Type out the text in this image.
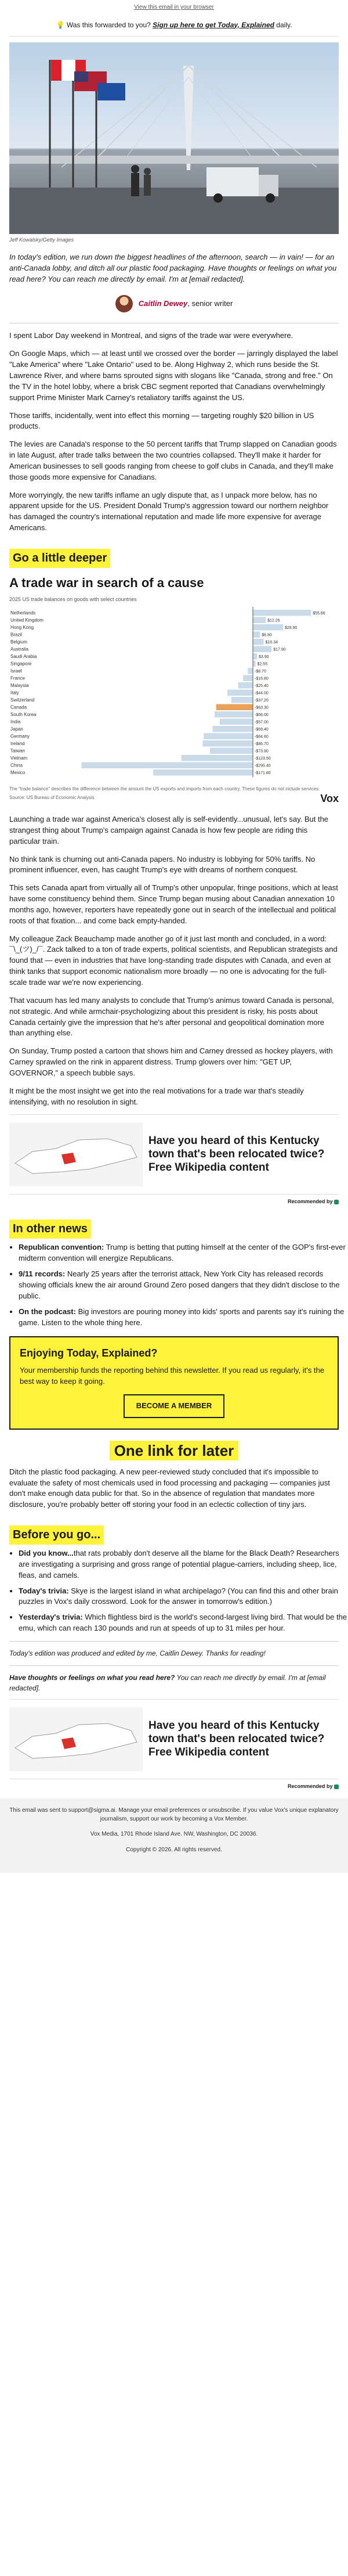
View this email in your browser
💡 Was this forwarded to you? Sign up here to get Today, Explained daily.
Jeff Kowalsky/Getty Images
In today's edition, we run down the biggest headlines of the afternoon, search — in vain! — for an anti-Canada lobby, and ditch all our plastic food packaging. Have thoughts or feelings on what you read here? You can reach me directly by email. I'm at [email redacted].
Caitlin Dewey, senior writer

I spent Labor Day weekend in Montreal, and signs of the trade war were everywhere.

On Google Maps, which — at least until we crossed over the border — jarringly displayed the label "Lake America" where "Lake Ontario" used to be. Along Highway 2, which runs beside the St. Lawrence River, and where barns sprouted signs with slogans like "Canada, strong and free." On the TV in the hotel lobby, where a brisk CBC segment reported that Canadians overwhelmingly support Prime Minister Mark Carney's retaliatory tariffs against the US.

Those tariffs, incidentally, went into effect this morning — targeting roughly $20 billion in US products.

The levies are Canada's response to the 50 percent tariffs that Trump slapped on Canadian goods in late August, after trade talks between the two countries collapsed. They'll make it harder for American businesses to sell goods ranging from cheese to golf clubs in Canada, and they'll make those goods more expensive for Canadians.

More worryingly, the new tariffs inflame an ugly dispute that, as I unpack more below, has no apparent upside for the US. President Donald Trump's aggression toward our northern neighbor has damaged the country's international reputation and made life more expensive for average Americans.

Go a little deeper
A trade war in search of a cause
2025 US trade balances on goods with select countries
Netherlands	$55.66
United Kingdom	$12.26
Hong Kong	$28.90
Brazil	$6.80
Belgium	$10.34
Australia	$17.90
Saudi Arabia	$3.90
Singapore	$2.55
Israel	-$8.70
France	-$16.80
Malaysia	-$25.40
Italy	-$44.00
Switzerland	-$37.20
Canada	-$63.30
South Korea	-$66.00
India	-$57.00
Japan	-$69.40
Germany	-$84.80
Ireland	-$86.70
Taiwan	-$73.90
Vietnam	-$123.50
China	-$295.40
Mexico	-$171.80
The "trade balance" describes the difference between the amount the US exports and imports from each country. These figures do not include services.
Source: US Bureau of Economic Analysis	Vox

Launching a trade war against America's closest ally is self-evidently...unusual, let's say. But the strangest thing about Trump's campaign against Canada is how few people are riding this particular train.

No think tank is churning out anti-Canada papers. No industry is lobbying for 50% tariffs. No prominent influencer, even, has caught Trump's eye with dreams of northern conquest.

This sets Canada apart from virtually all of Trump's other unpopular, fringe positions, which at least have some constituency behind them. Since Trump began musing about Canadian annexation 10 months ago, however, reporters have repeatedly gone out in search of the intellectual and political roots of that fixation... and come back empty-handed.

My colleague Zack Beauchamp made another go of it just last month and concluded, in a word: ¯\_(ツ)_/¯. Zack talked to a ton of trade experts, political scientists, and Republican strategists and found that — even in industries that have long-standing trade disputes with Canada, and even at think tanks that support economic nationalism more broadly — no one is advocating for the full-scale trade war we're now experiencing.

That vacuum has led many analysts to conclude that Trump's animus toward Canada is personal, not strategic. And while armchair-psychologizing about this president is risky, his posts about Canada certainly give the impression that he's after personal and geopolitical domination more than anything else.

On Sunday, Trump posted a cartoon that shows him and Carney dressed as hockey players, with Carney sprawled on the rink in apparent distress. Trump glowers over him: "GET UP, GOVERNOR," a speech bubble says.

It might be the most insight we get into the real motivations for a trade war that's steadily intensifying, with no resolution in sight.

Have you heard of this Kentucky town that's been relocated twice? Free Wikipedia content
Recommended by
In other news
• Republican convention: Trump is betting that putting himself at the center of the GOP's first-ever midterm convention will energize Republicans.
• 9/11 records: Nearly 25 years after the terrorist attack, New York City has released records showing officials knew the air around Ground Zero posed dangers that they didn't disclose to the public.
• On the podcast: Big investors are pouring money into kids' sports and parents say it's ruining the game. Listen to the whole thing here.
Enjoying Today, Explained?
Your membership funds the reporting behind this newsletter. If you read us regularly, it's the best way to keep it going.
BECOME A MEMBER
One link for later

Ditch the plastic food packaging. A new peer-reviewed study concluded that it's impossible to evaluate the safety of most chemicals used in food processing and packaging — companies just don't make enough data public for that. So in the absence of regulation that mandates more disclosure, you're probably better off storing your food in an eclectic collection of tiny jars.

Before you go...
• Did you know...that rats probably don't deserve all the blame for the Black Death? Researchers are investigating a surprising and gross range of potential plague-carriers, including sheep, lice, fleas, and camels.
• Today's trivia: Skye is the largest island in what archipelago? (You can find this and other brain puzzles in Vox's daily crossword. Look for the answer in tomorrow's edition.)
• Yesterday's trivia: Which flightless bird is the world's second-largest living bird. That would be the emu, which can reach 130 pounds and run at speeds of up to 31 miles per hour.
Today's edition was produced and edited by me, Caitlin Dewey. Thanks for reading!
Have thoughts or feelings on what you read here? You can reach me directly by email. I'm at [email redacted].
Have you heard of this Kentucky town that's been relocated twice? Free Wikipedia content
Recommended by

This email was sent to support@sigma.ai. Manage your email preferences or unsubscribe. If you value Vox's unique explanatory journalism, support our work by becoming a Vox Member.

Vox Media, 1701 Rhode Island Ave. NW, Washington, DC 20036.

Copyright © 2026. All rights reserved.
